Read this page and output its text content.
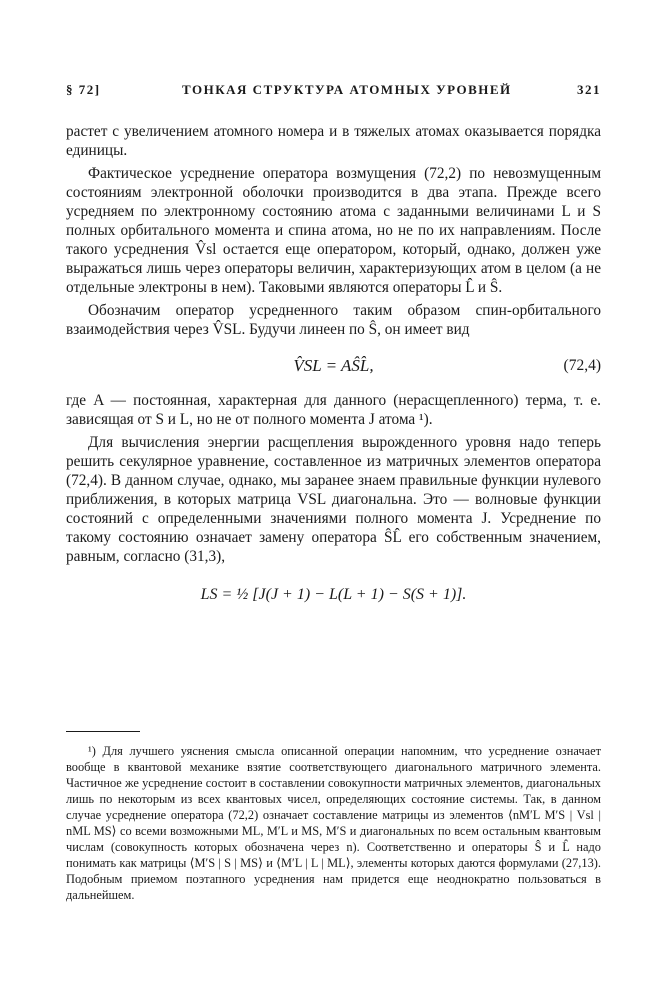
§ 72]	ТОНКАЯ СТРУКТУРА АТОМНЫХ УРОВНЕЙ	321

растет с увеличением атомного номера и в тяжелых атомах оказывается порядка единицы.

Фактическое усреднение оператора возмущения (72,2) по невозмущенным состояниям электронной оболочки производится в два этапа. Прежде всего усредняем по электронному состоянию атома с заданными величинами L и S полных орбитального момента и спина атома, но не по их направлениям. После такого усреднения V̂sl остается еще оператором, который, однако, должен уже выражаться лишь через операторы величин, характеризующих атом в целом (а не отдельные электроны в нем). Таковыми являются операторы L̂ и Ŝ.

Обозначим оператор усредненного таким образом спин-орбитального взаимодействия через V̂SL. Будучи линеен по Ŝ, он имеет вид

V̂SL = AŜL̂,	(72,4)

где A — постоянная, характерная для данного (нерасщепленного) терма, т. е. зависящая от S и L, но не от полного момента J атома ¹).

Для вычисления энергии расщепления вырожденного уровня надо теперь решить секулярное уравнение, составленное из матричных элементов оператора (72,4). В данном случае, однако, мы заранее знаем правильные функции нулевого приближения, в которых матрица VSL диагональна. Это — волновые функции состояний с определенными значениями полного момента J. Усреднение по такому состоянию означает замену оператора ŜL̂ его собственным значением, равным, согласно (31,3),

LS = ½ [J(J + 1) − L(L + 1) − S(S + 1)].

¹) Для лучшего уяснения смысла описанной операции напомним, что усреднение означает вообще в квантовой механике взятие соответствующего диагонального матричного элемента. Частичное же усреднение состоит в составлении совокупности матричных элементов, диагональных лишь по некоторым из всех квантовых чисел, определяющих состояние системы. Так, в данном случае усреднение оператора (72,2) означает составление матрицы из элементов ⟨nM′L M′S | Vsl | nML MS⟩ со всеми возможными ML, M′L и MS, M′S и диагональных по всем остальным квантовым числам (совокупность которых обозначена через n). Соответственно и операторы Ŝ и L̂ надо понимать как матрицы ⟨M′S | S | MS⟩ и ⟨M′L | L | ML⟩, элементы которых даются формулами (27,13). Подобным приемом поэтапного усреднения нам придется еще неоднократно пользоваться в дальнейшем.
